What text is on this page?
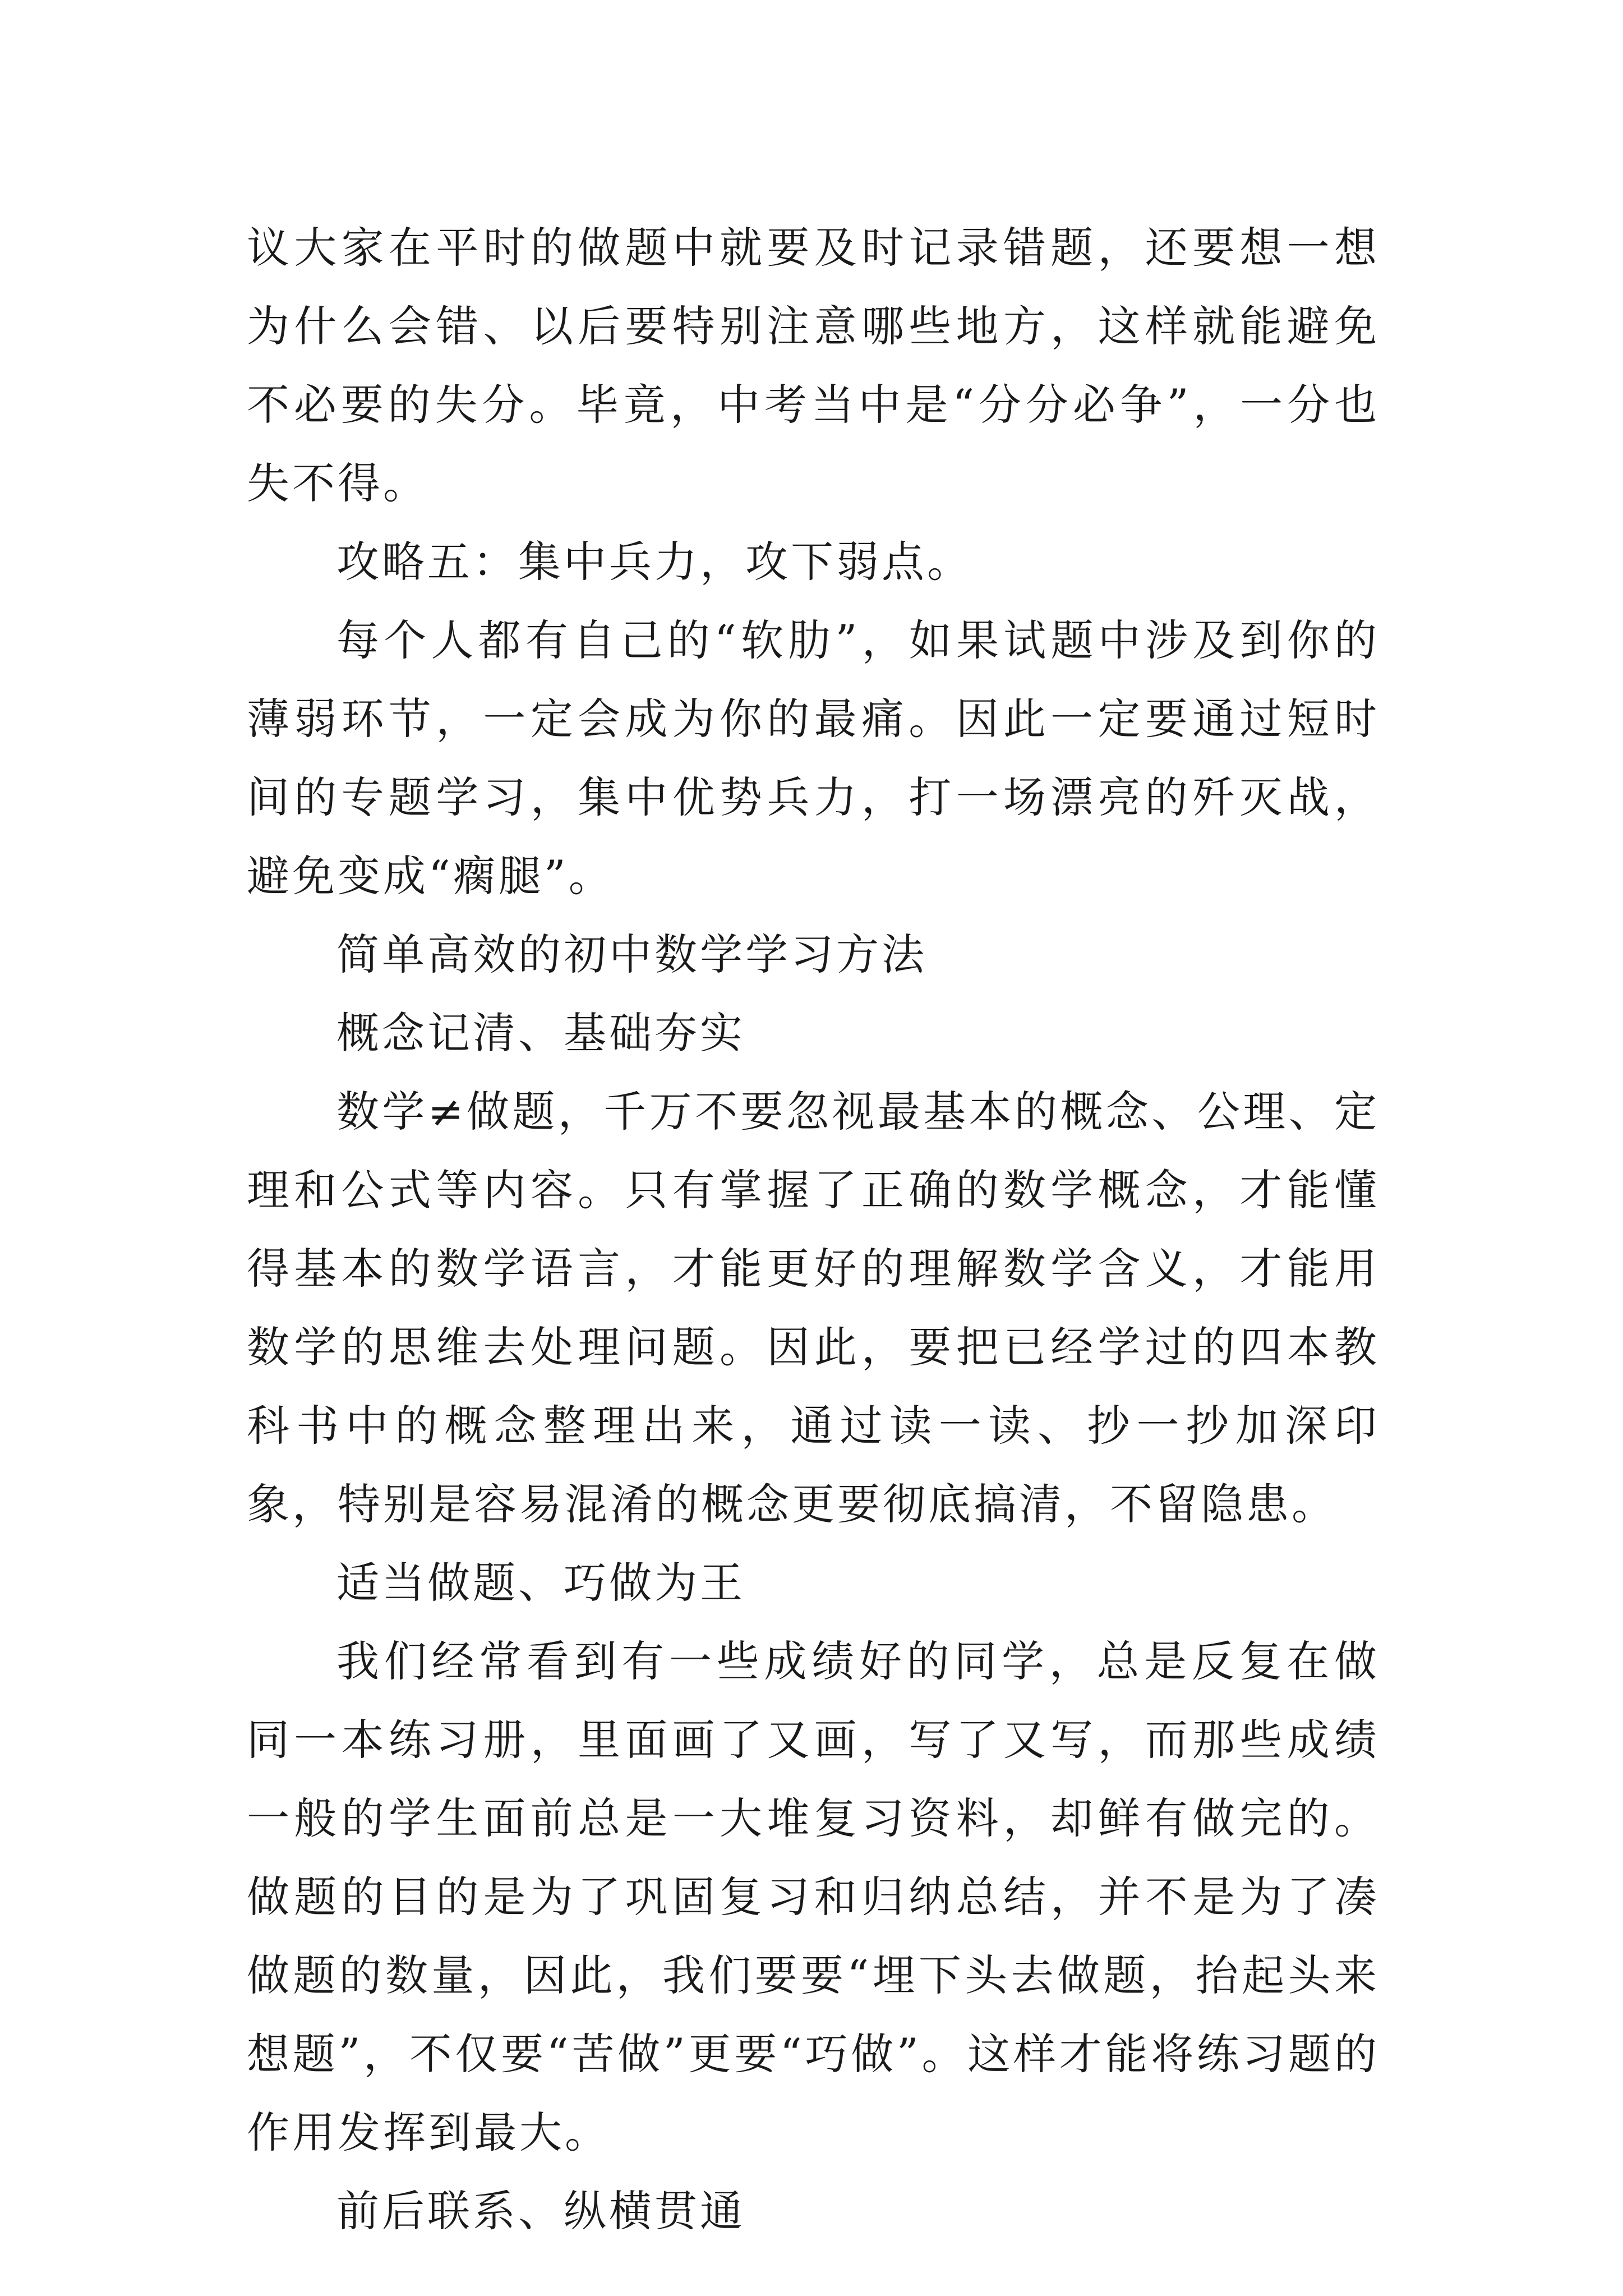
议大家在平时的做题中就要及时记录错题，还要想一想为什么会错、以后要特别注意哪些地方，这样就能避免不必要的失分。毕竟，中考当中是“分分必争”，一分也失不得。

攻略五：集中兵力，攻下弱点。

每个人都有自己的“软肋”，如果试题中涉及到你的薄弱环节，一定会成为你的最痛。因此一定要通过短时间的专题学习，集中优势兵力，打一场漂亮的歼灭战，避免变成“瘸腿”。

简单高效的初中数学学习方法

概念记清、基础夯实

数学≠做题，千万不要忽视最基本的概念、公理、定理和公式等内容。只有掌握了正确的数学概念，才能懂得基本的数学语言，才能更好的理解数学含义，才能用数学的思维去处理问题。因此，要把已经学过的四本教科书中的概念整理出来，通过读一读、抄一抄加深印象，特别是容易混淆的概念更要彻底搞清，不留隐患。

适当做题、巧做为王

我们经常看到有一些成绩好的同学，总是反复在做同一本练习册，里面画了又画，写了又写，而那些成绩一般的学生面前总是一大堆复习资料，却鲜有做完的。做题的目的是为了巩固复习和归纳总结，并不是为了凑做题的数量，因此，我们要要“埋下头去做题，抬起头来想题”，不仅要“苦做”更要“巧做”。这样才能将练习题的作用发挥到最大。

前后联系、纵横贯通
